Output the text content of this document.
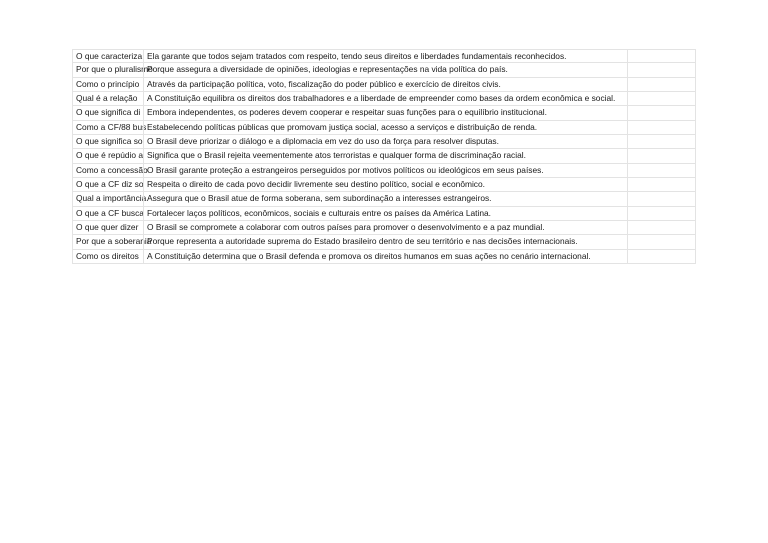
O que caracteriza Ela garante que todos sejam tratados com respeito, tendo seus direitos e liberdades fundamentais reconhecidos.
Por que o pluralismo
Porque assegura a diversidade de opiniões, ideologias e representações na vida política do país.
Como o princípio Através da participação política, voto, fiscalização do poder público e exercício de direitos civis.
Qual é a relação	A Constituição equilibra os direitos dos trabalhadores e a liberdade de empreender como bases da ordem econômica e social.
O que significa di Embora independentes, os poderes devem cooperar e respeitar suas funções para o equilíbrio institucional.
Como a CF/88 bus Estabelecendo políticas públicas que promovam justiça social, acesso a serviços e distribuição de renda.
O que significa so O Brasil deve priorizar o diálogo e a diplomacia em vez do uso da força para resolver disputas.
O que é repúdio a Significa que o Brasil rejeita veementemente atos terroristas e qualquer forma de discriminação racial.
Como a concessão O Brasil garante proteção a estrangeiros perseguidos por motivos políticos ou ideológicos em seus países.
O que a CF diz so Respeita o direito de cada povo decidir livremente seu destino político, social e econômico.
Qual a importância Assegura que o Brasil atue de forma soberana, sem subordinação a interesses estrangeiros.
O que a CF busca Fortalecer laços políticos, econômicos, sociais e culturais entre os países da América Latina.
O que quer dizer	O Brasil se compromete a colaborar com outros países para promover o desenvolvimento e a paz mundial.
Por que a soberania
Porque representa a autoridade suprema do Estado brasileiro dentro de seu território e nas decisões internacionais.
Como os direitos A Constituição determina que o Brasil defenda e promova os direitos humanos em suas ações no cenário internacional.
